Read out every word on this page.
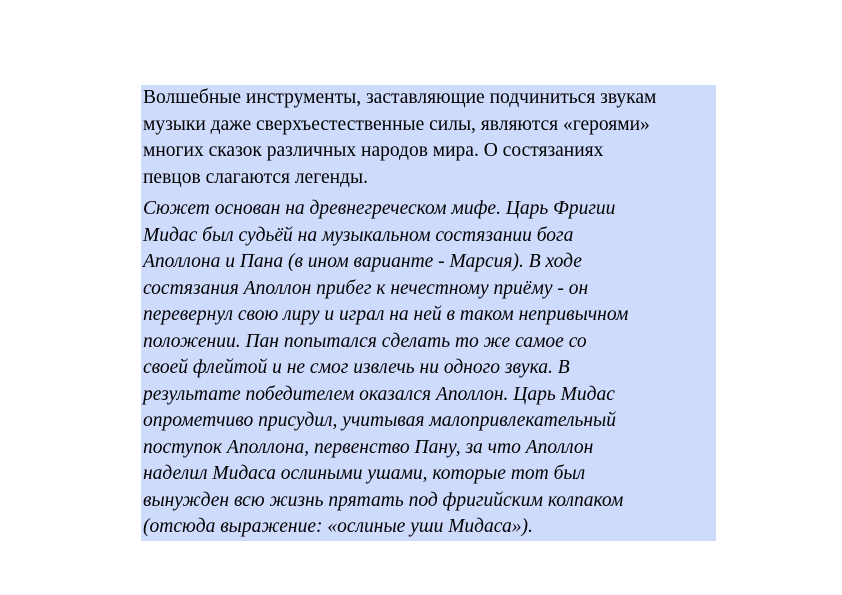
Волшебные инструменты, заставляющие подчиниться звукам
музыки даже сверхъестественные силы, являются «героями»
многих сказок различных народов мира. О состязаниях
певцов слагаются легенды.

Сюжет основан на древнегреческом мифе. Царь Фригии
Мидас был судьёй на музыкальном состязании бога
Аполлона и Пана (в ином варианте - Марсия). В ходе
состязания Аполлон прибег к нечестному приёму - он
перевернул свою лиру и играл на ней в таком непривычном
положении. Пан попытался сделать то же самое со
своей флейтой и не смог извлечь ни одного звука. В
результате победителем оказался Аполлон. Царь Мидас
опрометчиво присудил, учитывая малопривлекательный
поступок Аполлона, первенство Пану, за что Аполлон
наделил Мидаса ослиными ушами, которые тот был
вынужден всю жизнь прятать под фригийским колпаком
(отсюда выражение: «ослиные уши Мидаса»).
